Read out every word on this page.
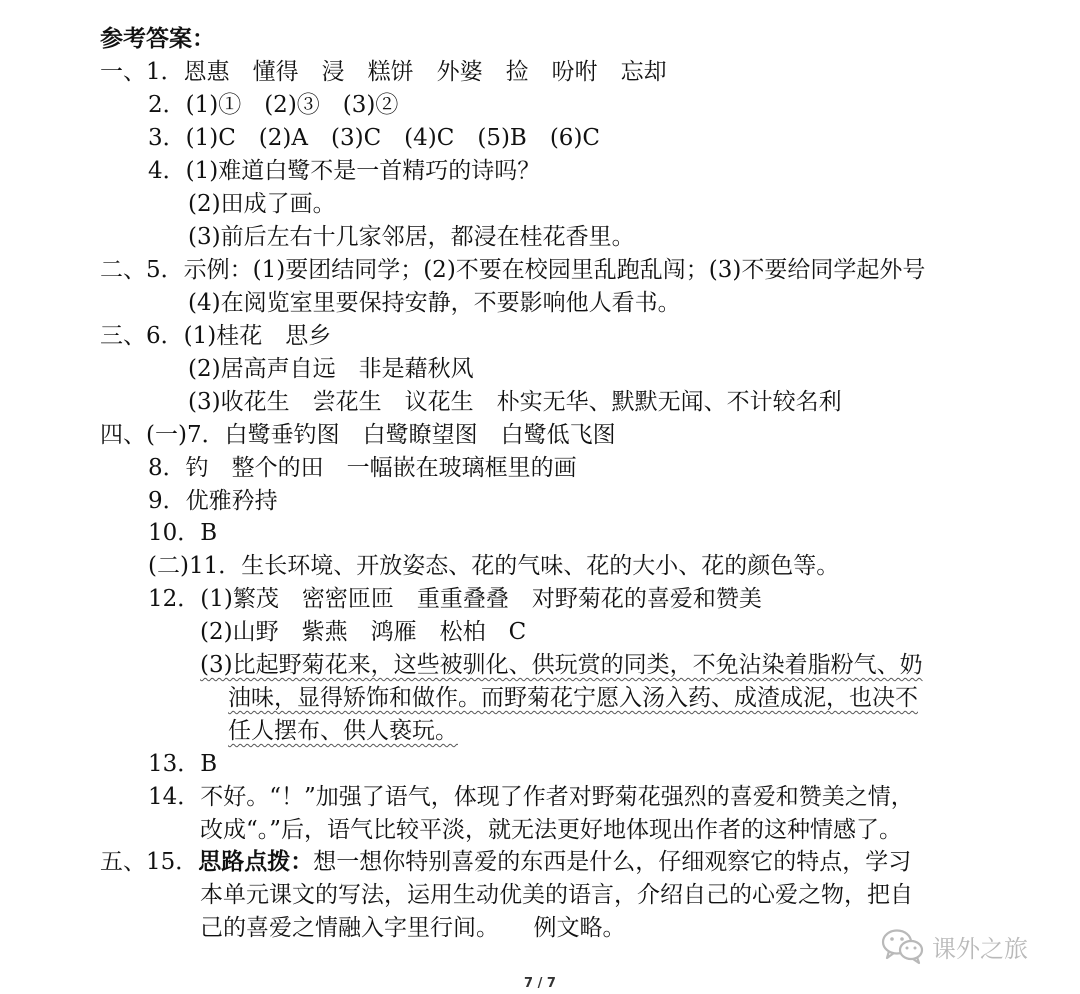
参考答案：
一、1．恩惠　懂得　浸　糕饼　外婆　捡　吩咐　忘却
2．(1)①　(2)③　(3)②
3．(1)C　(2)A　(3)C　(4)C　(5)B　(6)C
4．(1)难道白鹭不是一首精巧的诗吗？
(2)田成了画。
(3)前后左右十几家邻居，都浸在桂花香里。
二、5．示例：(1)要团结同学；(2)不要在校园里乱跑乱闯；(3)不要给同学起外号
(4)在阅览室里要保持安静，不要影响他人看书。
三、6．(1)桂花　思乡
(2)居高声自远　非是藉秋风
(3)收花生　尝花生　议花生　朴实无华、默默无闻、不计较名利
四、(一)7．白鹭垂钓图　白鹭瞭望图　白鹭低飞图
8．钓　整个的田　一幅嵌在玻璃框里的画
9．优雅矜持
10．B
(二)11．生长环境、开放姿态、花的气味、花的大小、花的颜色等。
12．(1)繁茂　密密匝匝　重重叠叠　对野菊花的喜爱和赞美
(2)山野　紫燕　鸿雁　松柏　C
(3)比起野菊花来，这些被驯化、供玩赏的同类，不免沾染着脂粉气、奶
油味，显得矫饰和做作。而野菊花宁愿入汤入药、成渣成泥，也决不
任人摆布、供人亵玩。
13．B
14．不好。“！”加强了语气，体现了作者对野菊花强烈的喜爱和赞美之情，
改成“。”后，语气比较平淡，就无法更好地体现出作者的这种情感了。
五、15．思路点拨：想一想你特别喜爱的东西是什么，仔细观察它的特点，学习
本单元课文的写法，运用生动优美的语言，介绍自己的心爱之物，把自
己的喜爱之情融入字里行间。　　例文略。
课外之旅
7 / 7
